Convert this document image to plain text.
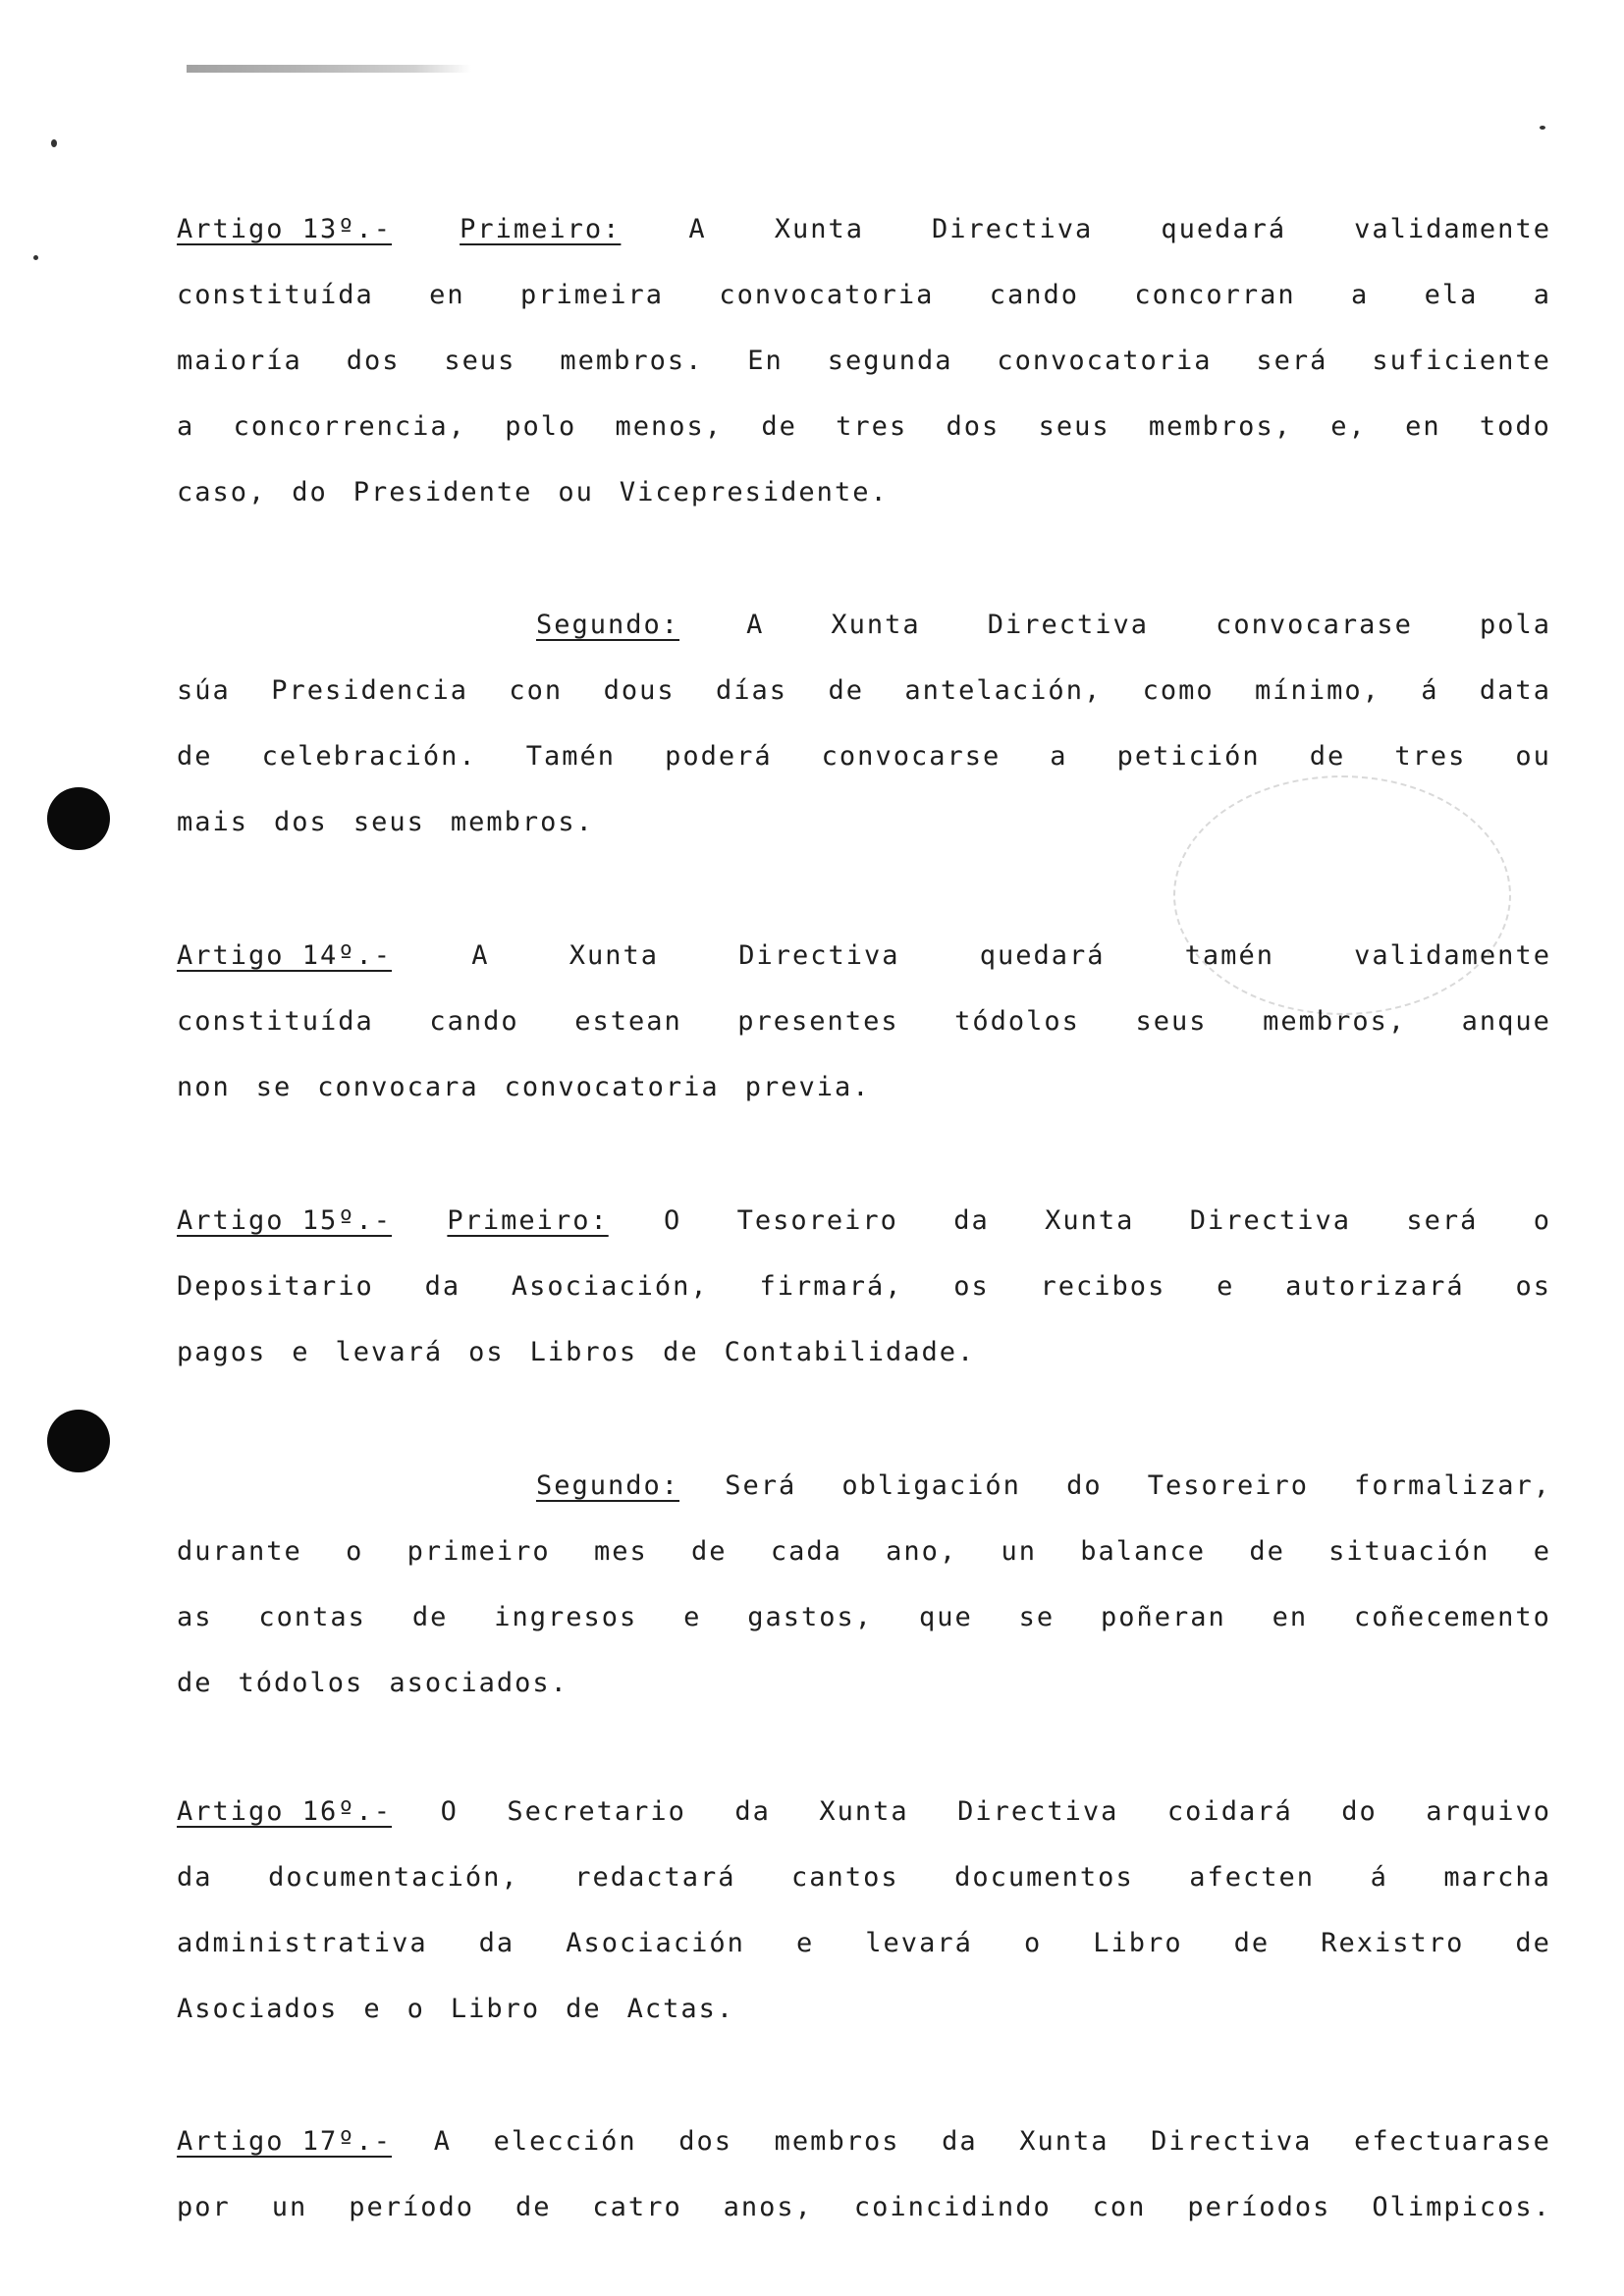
Artigo 13º.-	Primeiro:	A	Xunta	Directiva	quedará	validamente
constituída en primeira convocatoria cando concorran a ela a
maioría dos seus membros. En segunda convocatoria será suficiente
a concorrencia, polo menos, de tres dos seus membros, e, en todo
caso, do Presidente ou Vicepresidente.
Segundo:	A	Xunta	Directiva	convocarase	pola
súa Presidencia con dous días de antelación, como mínimo, á data
de celebración. Tamén poderá convocarse a petición de tres ou
mais dos seus membros.
Artigo 14º.-	A	Xunta	Directiva	quedará	tamén	validamente
constituída cando estean presentes tódolos seus membros, anque
non se convocara convocatoria previa.
Artigo 15º.- Primeiro: O Tesoreiro da Xunta Directiva será o
Depositario da Asociación, firmará, os recibos e autorizará os
pagos e levará os Libros de Contabilidade.
Segundo: Será obligación do Tesoreiro formalizar,
durante o primeiro mes de cada ano, un balance de situación e
as contas de ingresos e gastos, que se poñeran en coñecemento
de tódolos asociados.
Artigo 16º.- O Secretario da Xunta Directiva coidará do arquivo
da documentación, redactará cantos documentos afecten á marcha
administrativa da Asociación e levará o Libro de Rexistro de
Asociados e o Libro de Actas.
Artigo 17º.- A elección dos membros da Xunta Directiva efectuarase
por un período de catro anos, coincidindo con períodos Olimpicos.
